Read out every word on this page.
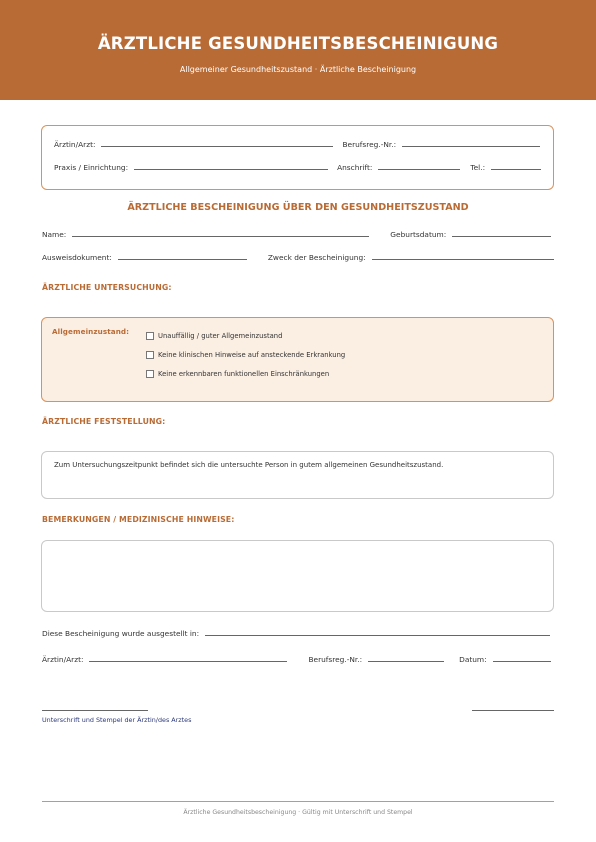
ÄRZTLICHE GESUNDHEITSBESCHEINIGUNG
Allgemeiner Gesundheitszustand · Ärztliche Bescheinigung
Ärztin/Arzt:	Berufsreg.-Nr.:
Praxis / Einrichtung:	Anschrift:	Tel.:
ÄRZTLICHE BESCHEINIGUNG ÜBER DEN GESUNDHEITSZUSTAND
Name:	Geburtsdatum:
Ausweisdokument:	Zweck der Bescheinigung:
ÄRZTLICHE UNTERSUCHUNG:
Allgemeinzustand:	Unauffällig / guter Allgemeinzustand
Keine klinischen Hinweise auf ansteckende Erkrankung
Keine erkennbaren funktionellen Einschränkungen
ÄRZTLICHE FESTSTELLUNG:
Zum Untersuchungszeitpunkt befindet sich die untersuchte Person in gutem allgemeinen Gesundheitszustand.
BEMERKUNGEN / MEDIZINISCHE HINWEISE:
Diese Bescheinigung wurde ausgestellt in:
Ärztin/Arzt:	Berufsreg.-Nr.:	Datum:
Unterschrift und Stempel der Ärztin/des Arztes
Ärztliche Gesundheitsbescheinigung · Gültig mit Unterschrift und Stempel
